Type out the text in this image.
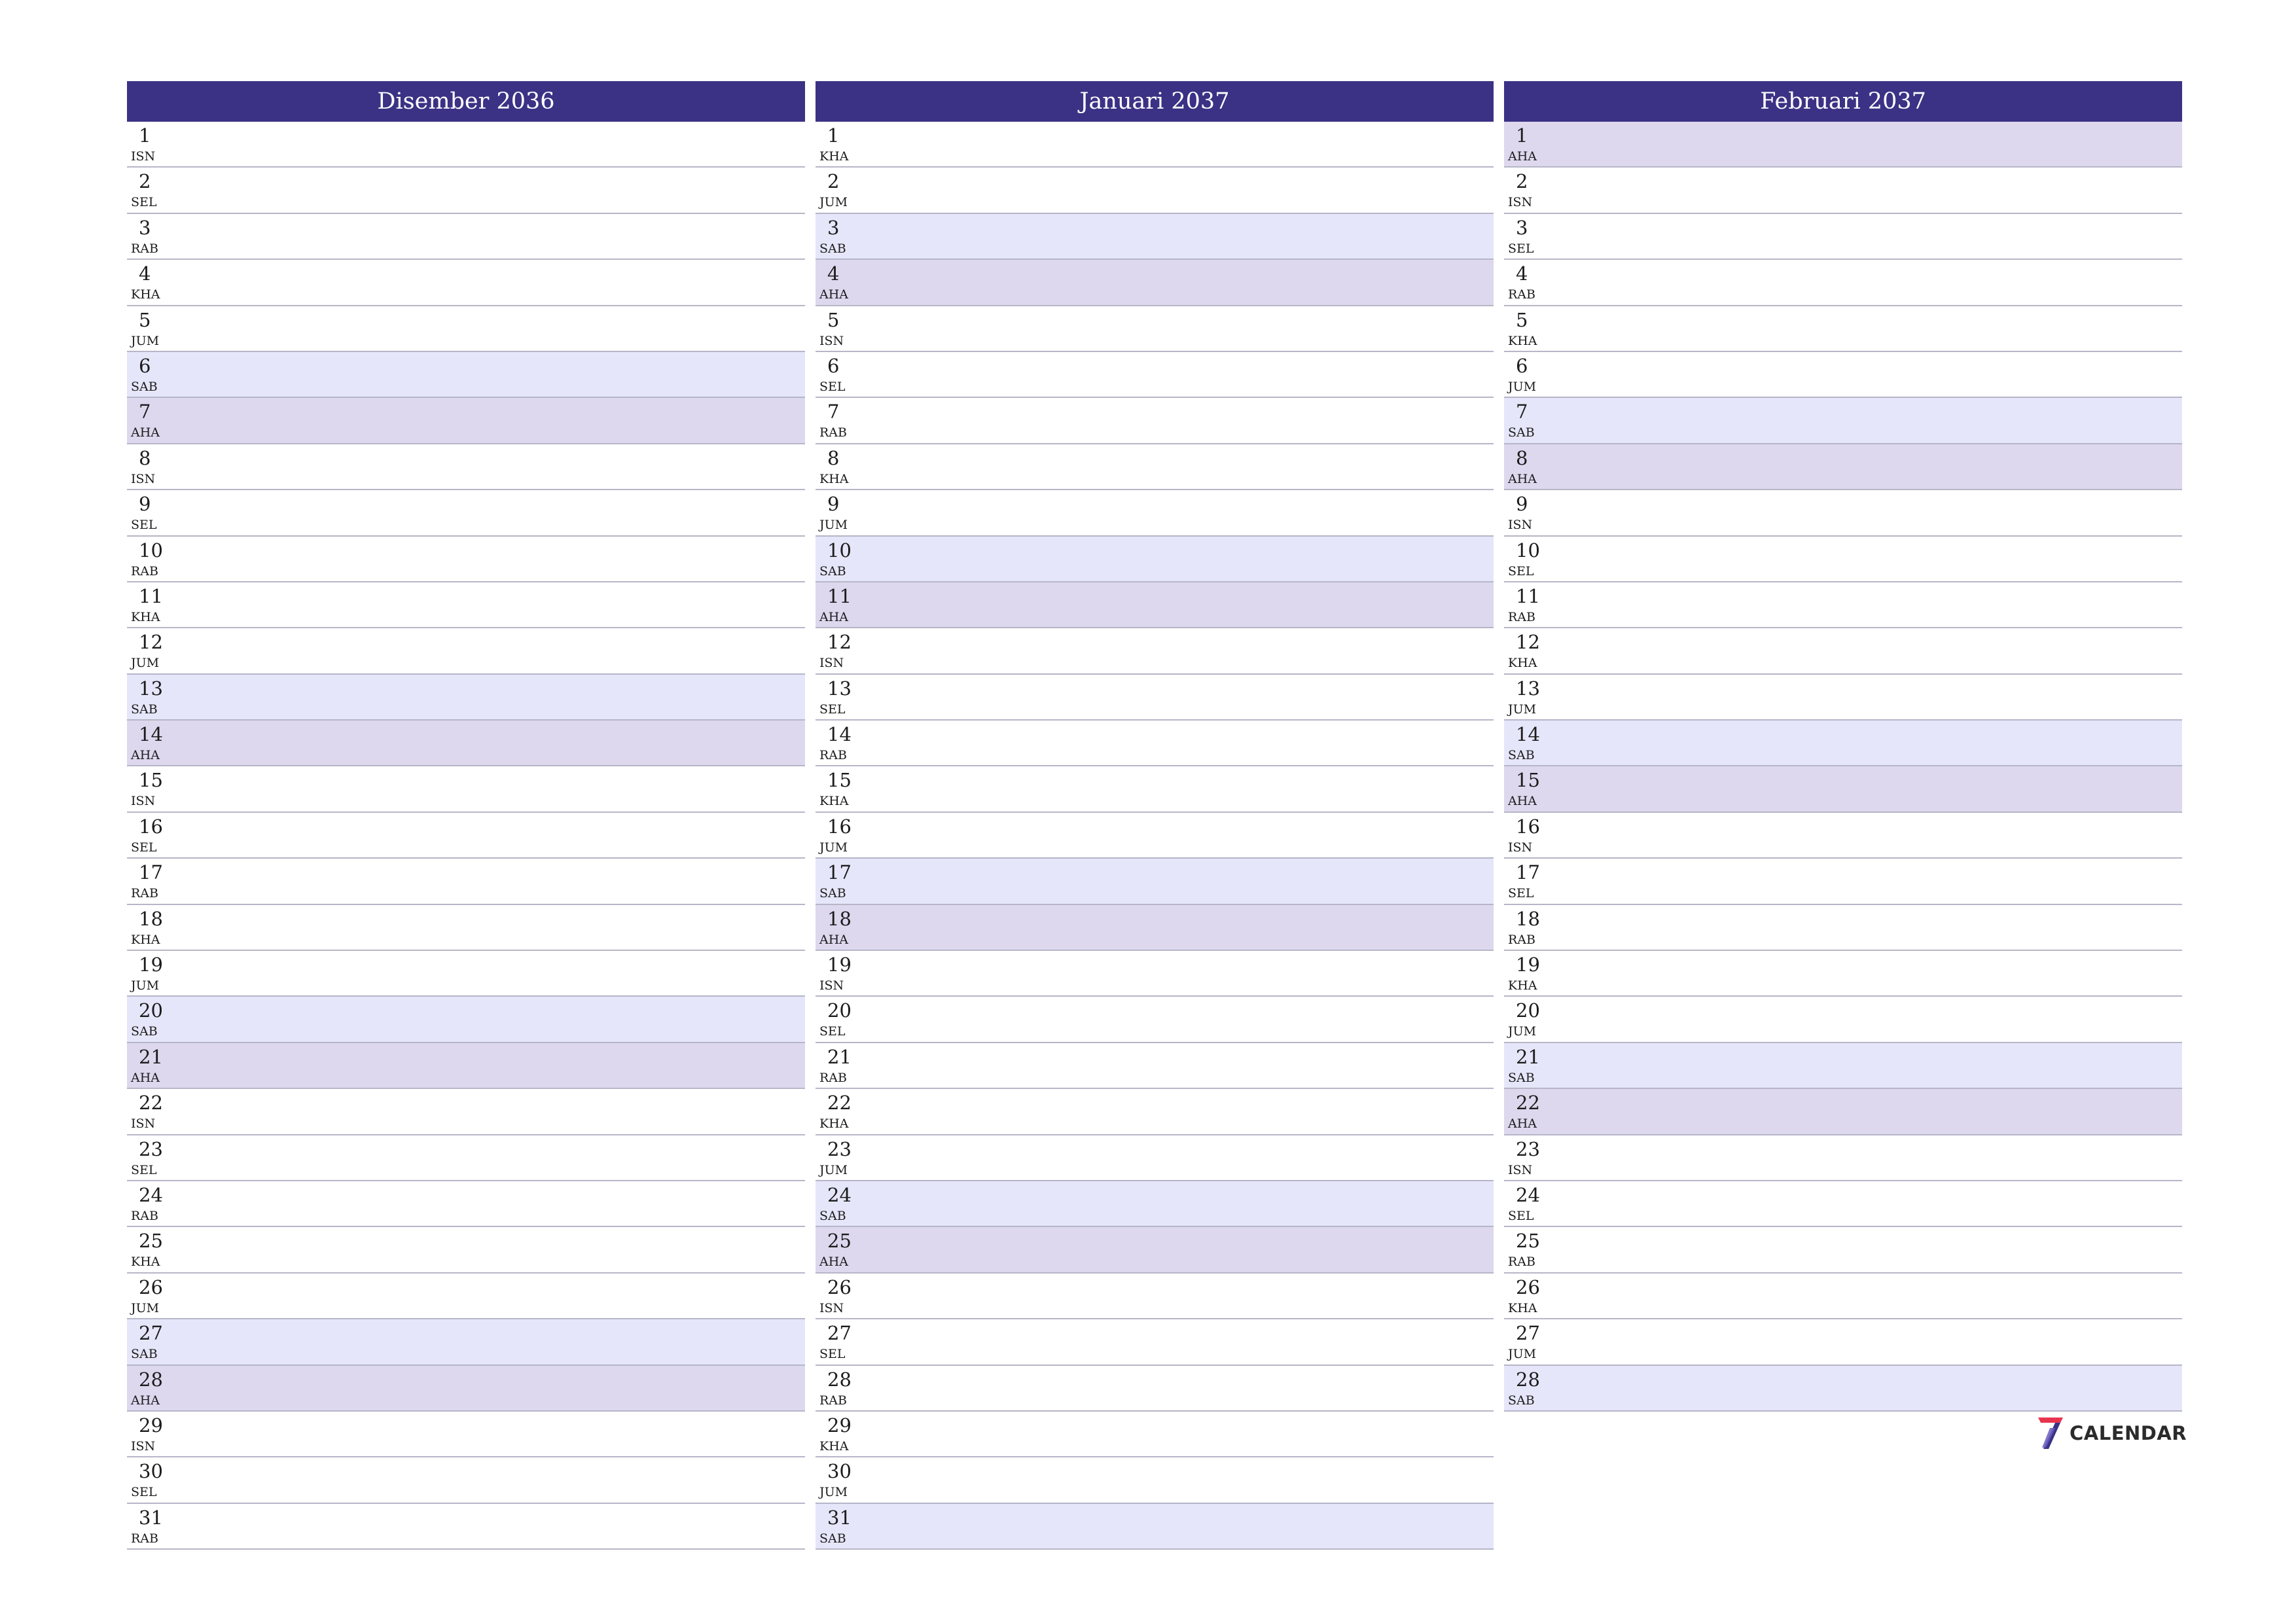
Disember 2036
1
ISN
2
SEL
3
RAB
4
KHA
5
JUM
6
SAB
7
AHA
8
ISN
9
SEL
10
RAB
11
KHA
12
JUM
13
SAB
14
AHA
15
ISN
16
SEL
17
RAB
18
KHA
19
JUM
20
SAB
21
AHA
22
ISN
23
SEL
24
RAB
25
KHA
26
JUM
27
SAB
28
AHA
29
ISN
30
SEL
31
RAB
Januari 2037
1
KHA
2
JUM
3
SAB
4
AHA
5
ISN
6
SEL
7
RAB
8
KHA
9
JUM
10
SAB
11
AHA
12
ISN
13
SEL
14
RAB
15
KHA
16
JUM
17
SAB
18
AHA
19
ISN
20
SEL
21
RAB
22
KHA
23
JUM
24
SAB
25
AHA
26
ISN
27
SEL
28
RAB
29
KHA
30
JUM
31
SAB
Februari 2037
1
AHA
2
ISN
3
SEL
4
RAB
5
KHA
6
JUM
7
SAB
8
AHA
9
ISN
10
SEL
11
RAB
12
KHA
13
JUM
14
SAB
15
AHA
16
ISN
17
SEL
18
RAB
19
KHA
20
JUM
21
SAB
22
AHA
23
ISN
24
SEL
25
RAB
26
KHA
27
JUM
28
SAB
CALENDAR
